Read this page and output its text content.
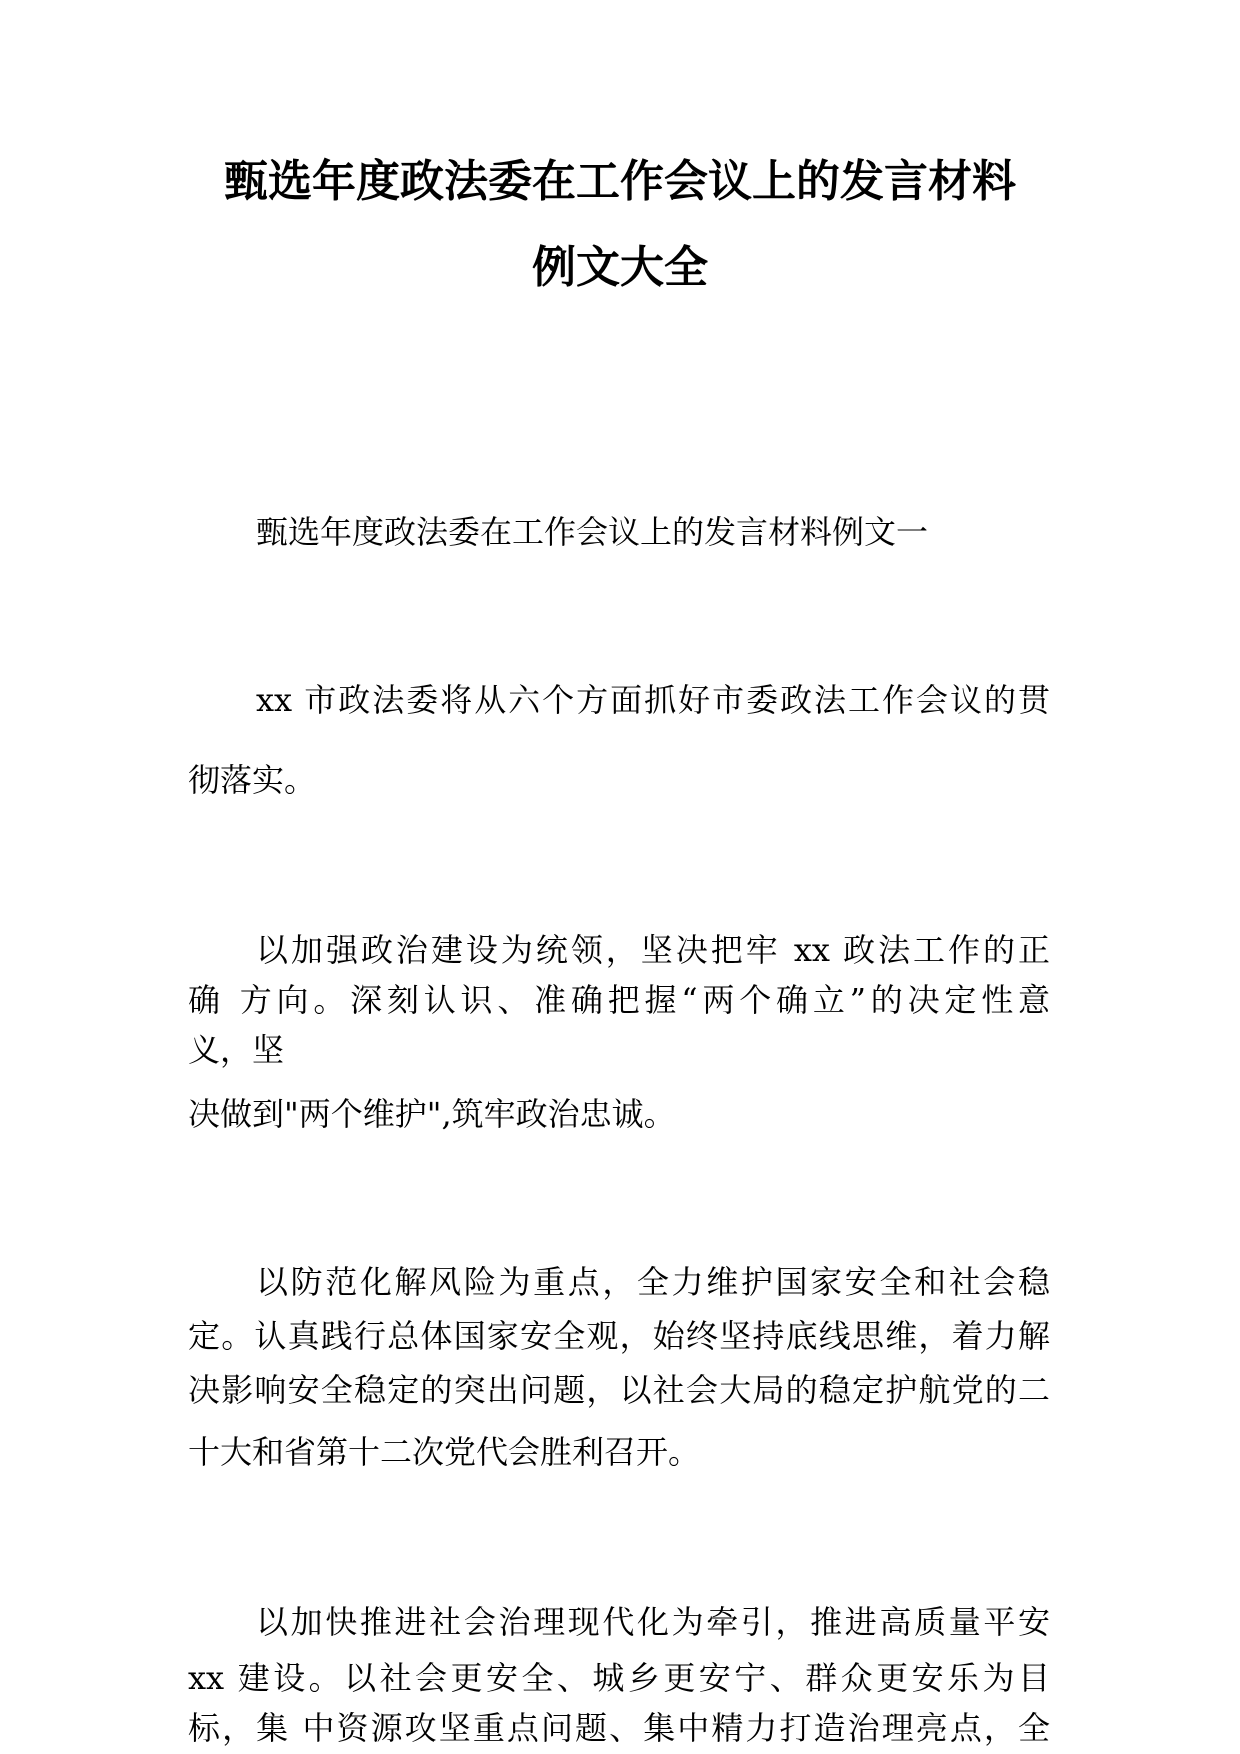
甄选年度政法委在工作会议上的发言材料
例文大全
甄选年度政法委在工作会议上的发言材料例文一
xx 市政法委将从六个方面抓好市委政法工作会议的贯
彻落实。
以加强政治建设为统领，坚决把牢 xx 政法工作的正
确 方向。深刻认识、准确把握“两个确立”的决定性意
义，坚
决做到"两个维护",筑牢政治忠诚。
以防范化解风险为重点，全力维护国家安全和社会稳
定。认真践行总体国家安全观，始终坚持底线思维，着力解
决影响安全稳定的突出问题，以社会大局的稳定护航党的二
十大和省第十二次党代会胜利召开。
以加快推进社会治理现代化为牵引，推进高质量平安
xx 建设。以社会更安全、城乡更安宁、群众更安乐为目
标，集 中资源攻坚重点问题、集中精力打造治理亮点，全
